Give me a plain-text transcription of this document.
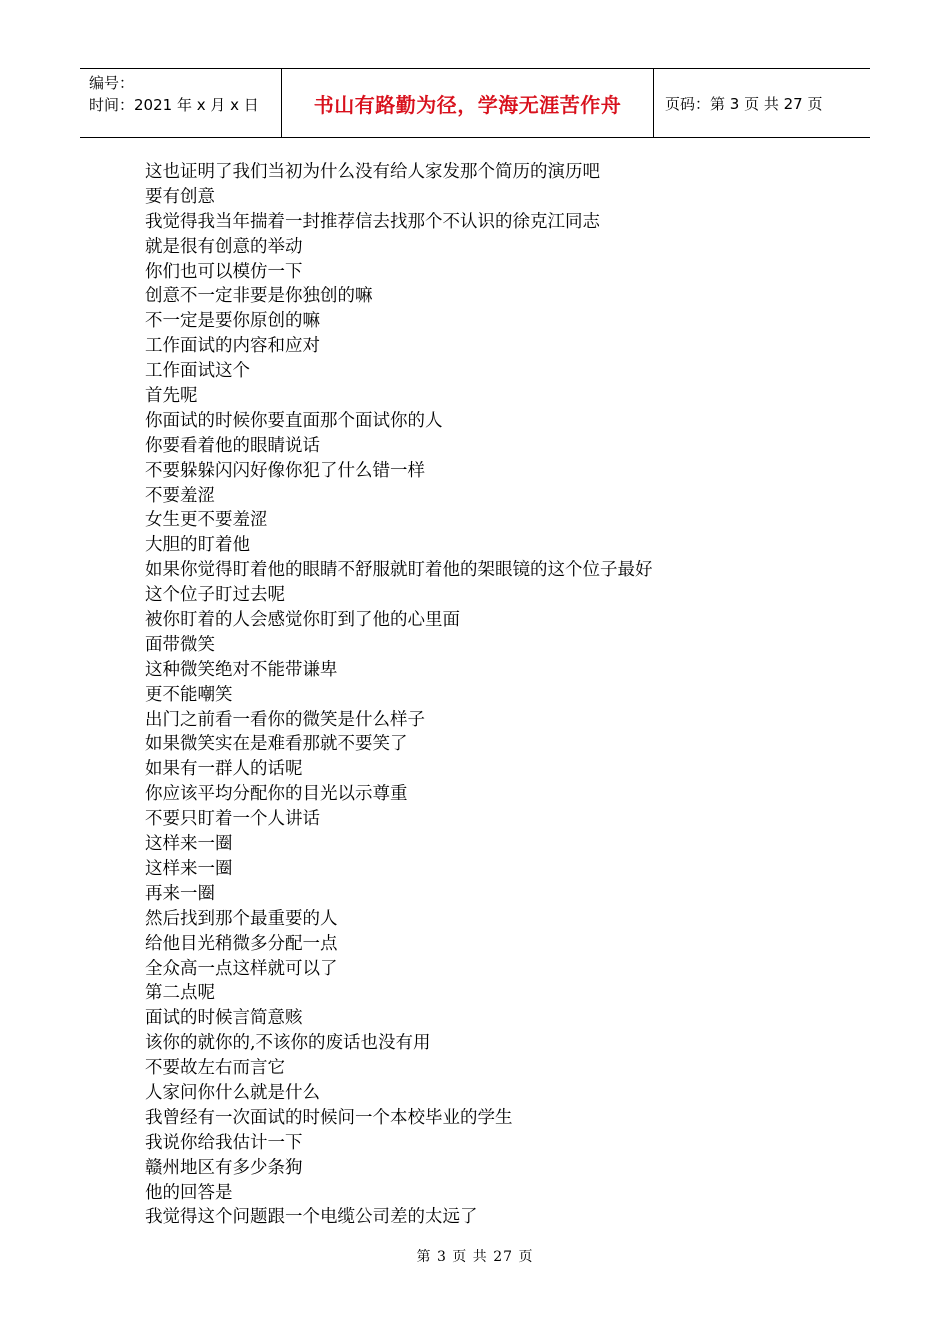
编号：
时间：2021 年 x 月 x 日	书山有路勤为径，学海无涯苦作舟	页码：第 3 页 共 27 页
这也证明了我们当初为什么没有给人家发那个简历的演历吧
要有创意
我觉得我当年揣着一封推荐信去找那个不认识的徐克江同志
就是很有创意的举动
你们也可以模仿一下
创意不一定非要是你独创的嘛
不一定是要你原创的嘛
工作面试的内容和应对
工作面试这个
首先呢
你面试的时候你要直面那个面试你的人
你要看着他的眼睛说话
不要躲躲闪闪好像你犯了什么错一样
不要羞涩
女生更不要羞涩
大胆的盯着他
如果你觉得盯着他的眼睛不舒服就盯着他的架眼镜的这个位子最好
这个位子盯过去呢
被你盯着的人会感觉你盯到了他的心里面
面带微笑
这种微笑绝对不能带谦卑
更不能嘲笑
出门之前看一看你的微笑是什么样子
如果微笑实在是难看那就不要笑了
如果有一群人的话呢
你应该平均分配你的目光以示尊重
不要只盯着一个人讲话
这样来一圈
这样来一圈
再来一圈
然后找到那个最重要的人
给他目光稍微多分配一点
全众高一点这样就可以了
第二点呢
面试的时候言简意赅
该你的就你的,不该你的废话也没有用
不要故左右而言它
人家问你什么就是什么
我曾经有一次面试的时候问一个本校毕业的学生
我说你给我估计一下
赣州地区有多少条狗
他的回答是
我觉得这个问题跟一个电缆公司差的太远了
第 3 页 共 27 页
